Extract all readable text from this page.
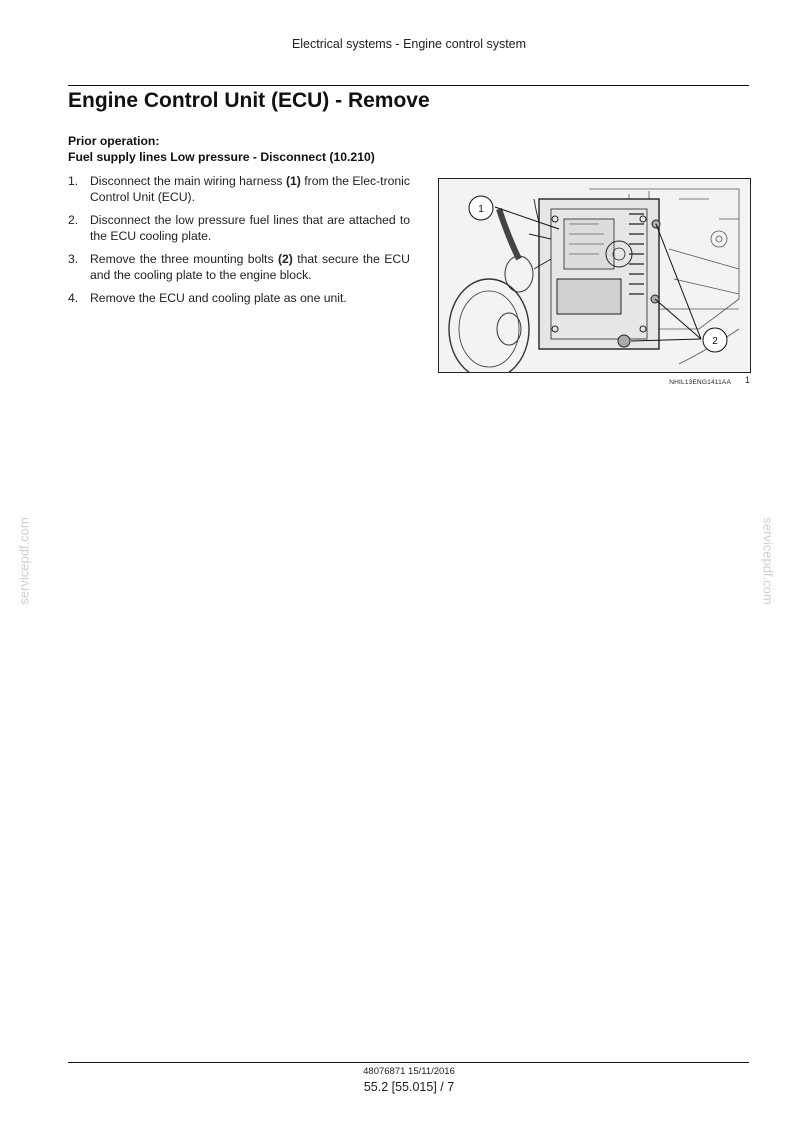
Electrical systems - Engine control system
Engine Control Unit (ECU) - Remove
Prior operation:
Fuel supply lines Low pressure - Disconnect (10.210)
1. Disconnect the main wiring harness (1) from the Elec-tronic Control Unit (ECU).
2. Disconnect the low pressure fuel lines that are attached to the ECU cooling plate.
3. Remove the three mounting bolts (2) that secure the ECU and the cooling plate to the engine block.
4. Remove the ECU and cooling plate as one unit.
1
2
NHIL13ENG1411AA 1
servicepdf.com	servicepdf.com
48076871 15/11/2016
55.2 [55.015] / 7
